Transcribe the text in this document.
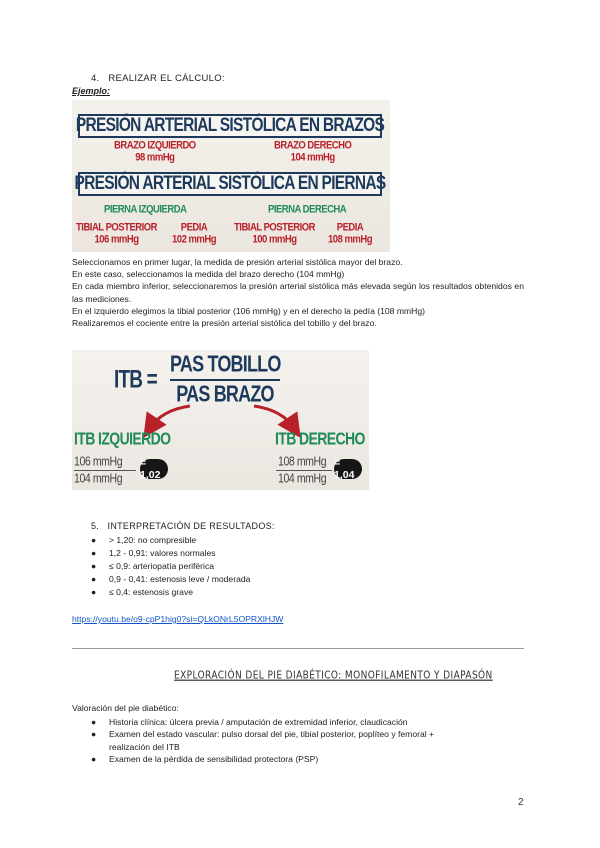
4. REALIZAR EL CÁLCULO:
Ejemplo:
PRESIÓN ARTERIAL SISTÓLICA EN BRAZOS
BRAZO IZQUIERDO
98 mmHg
BRAZO DERECHO
104 mmHg
PRESIÓN ARTERIAL SISTÓLICA EN PIERNAS
PIERNA IZQUIERDA	PIERNA DERECHA
TIBIAL POSTERIOR
106 mmHg
PEDIA
102 mmHg
TIBIAL POSTERIOR
100 mmHg
PEDIA
108 mmHg

Seleccionamos en primer lugar, la medida de presión arterial sistólica mayor del brazo.

En este caso, seleccionamos la medida del brazo derecho (104 mmHg)

En cada miembro inferior, seleccionaremos la presión arterial sistólica más elevada según los resultados obtenidos en las mediciones.

En el izquierdo elegimos la tibial posterior (106 mmHg) y en el derecho la pedía (108 mmHg)

Realizaremos el cociente entre la presión arterial sistólica del tobillo y del brazo.

ITB =
PAS TOBILLO
PAS BRAZO
ITB IZQUIERDO
106 mmHg
104 mmHg
= 1,02
ITB DERECHO
108 mmHg
104 mmHg
= 1,04
5. INTERPRETACIÓN DE RESULTADOS:
● > 1,20: no compresible
● 1,2 - 0,91: valores normales
● ≤ 0,9: arteriopatía periférica
● 0,9 - 0,41: estenosis leve / moderada
● ≤ 0,4: estenosis grave
https://youtu.be/o9-cpP1hig0?si=QLkONrL5OPRXlHJW
EXPLORACIÓN DEL PIE DIABÉTICO: MONOFILAMENTO Y DIAPASÓN
Valoración del pie diabético:
● Historia clínica: úlcera previa / amputación de extremidad inferior, claudicación
● Examen del estado vascular: pulso dorsal del pie, tibial posterior, poplíteo y femoral +
realización del ITB
● Examen de la pérdida de sensibilidad protectora (PSP)
2
